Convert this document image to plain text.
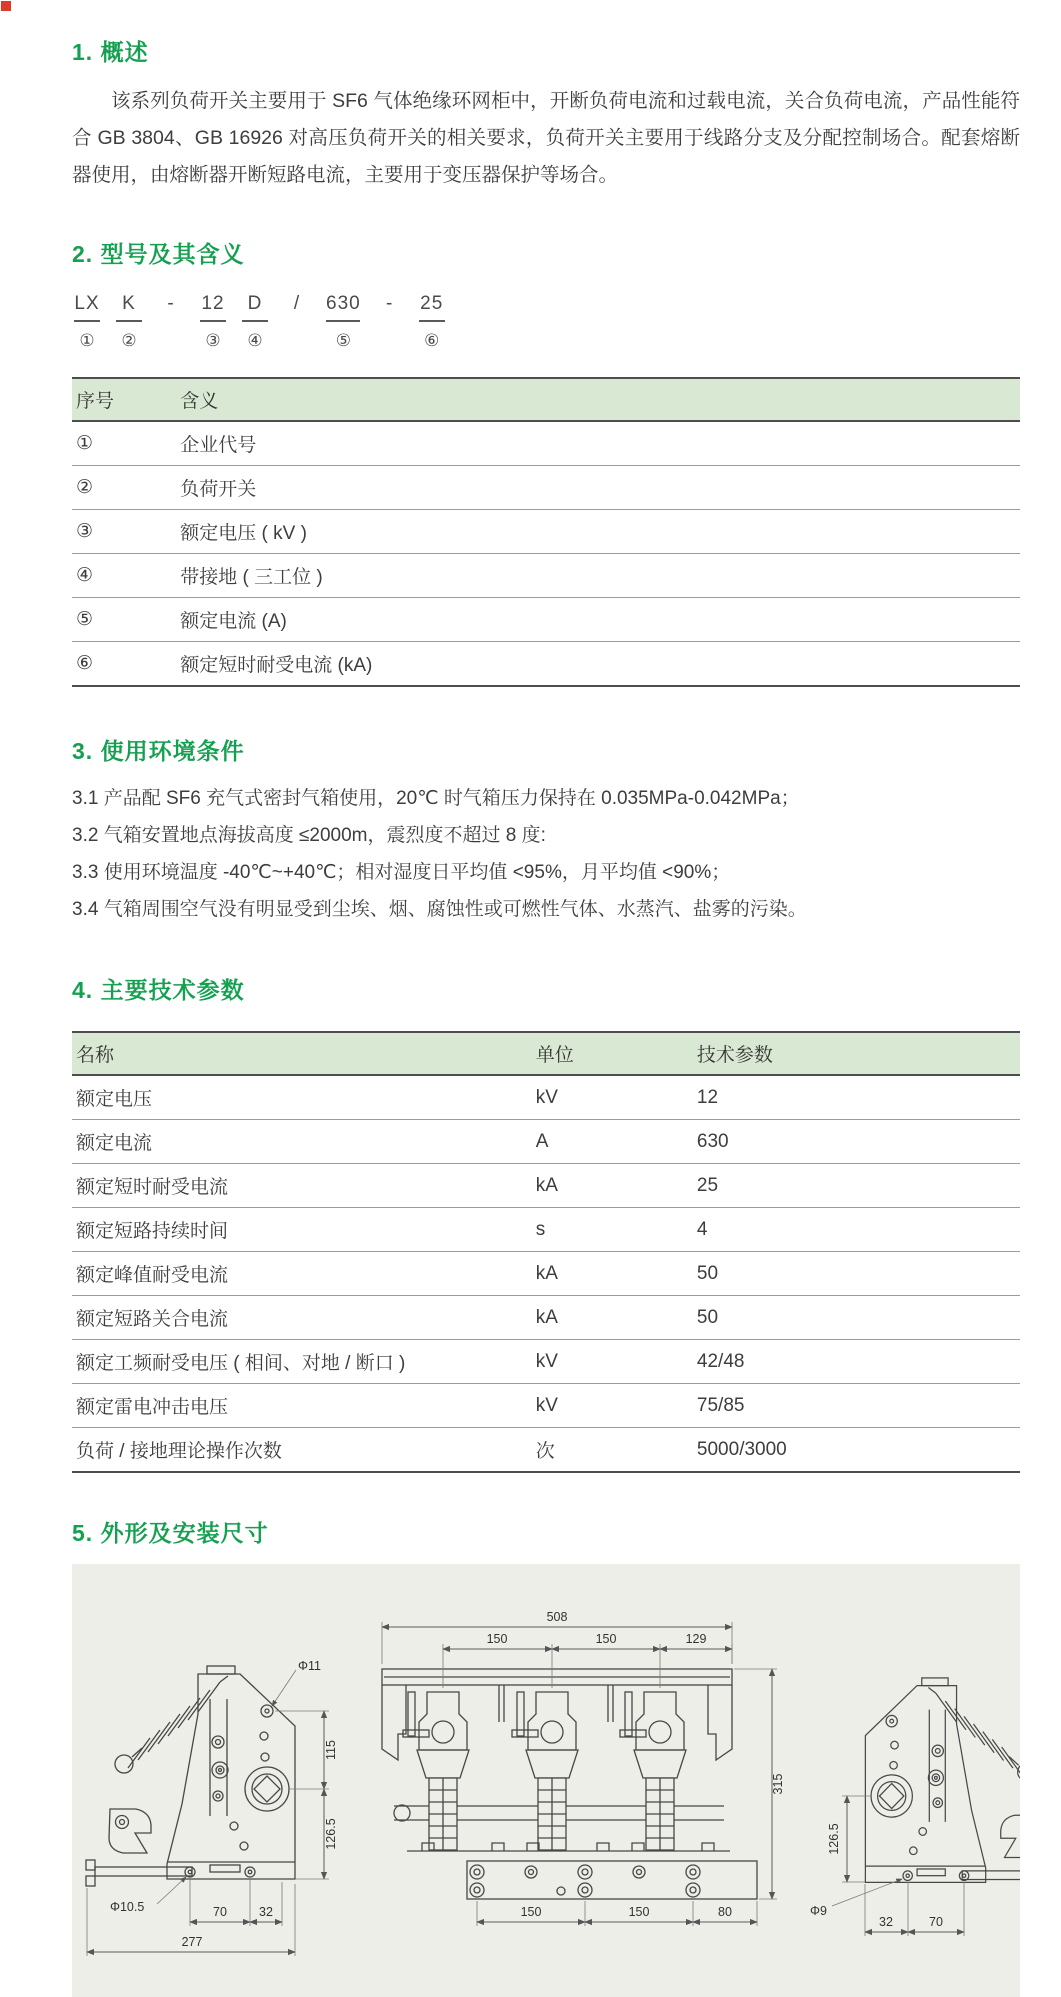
1. 概述

该系列负荷开关主要用于 SF6 气体绝缘环网柜中，开断负荷电流和过载电流，关合负荷电流，产品性能符合 GB 3804、GB 16926 对高压负荷开关的相关要求，负荷开关主要用于线路分支及分配控制场合。配套熔断器使用，由熔断器开断短路电流，主要用于变压器保护等场合。

2. 型号及其含义
LX
①
K
②
- 12
③
D
④
/ 630
⑤
- 25
⑥
序号	含义
①	企业代号
②	负荷开关
③	额定电压 ( kV )
④	带接地 ( 三工位 )
⑤	额定电流 (A)
⑥	额定短时耐受电流 (kA)
3. 使用环境条件
3.1 产品配 SF6 充气式密封气箱使用，20℃ 时气箱压力保持在 0.035MPa-0.042MPa；
3.2 气箱安置地点海拔高度 ≤2000m，震烈度不超过 8 度:
3.3 使用环境温度 -40℃~+40℃；相对湿度日平均值 <95%，月平均值 <90%；
3.4 气箱周围空气没有明显受到尘埃、烟、腐蚀性或可燃性气体、水蒸汽、盐雾的污染。
4. 主要技术参数
名称	单位	技术参数
额定电压	kV	12
额定电流	A	630
额定短时耐受电流	kA	25
额定短路持续时间	s	4
额定峰值耐受电流	kA	50
额定短路关合电流	kA	50
额定工频耐受电压 ( 相间、对地 / 断口 )	kV	42/48
额定雷电冲击电压	kV	75/85
负荷 / 接地理论操作次数	次	5000/3000
5. 外形及安装尺寸
115
126.5
Φ11
Φ10.5	70	32
277
508
150	150	129
315
150	150	80
126.5
Φ9
32	70
